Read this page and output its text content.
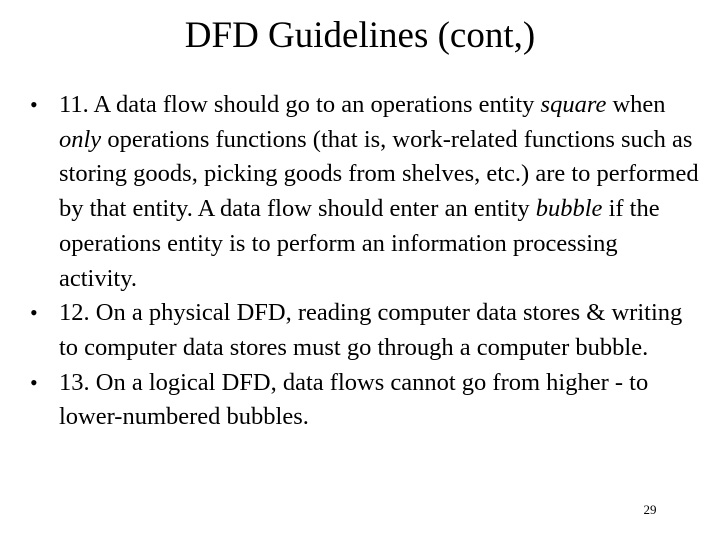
DFD Guidelines (cont,)
• 11. A data flow should go to an operations entity square when only operations functions (that is, work-related functions such as storing goods, picking goods from shelves, etc.) are to performed by that entity. A data flow should enter an entity bubble if the operations entity is to perform an information processing activity.
• 12. On a physical DFD, reading computer data stores & writing to computer data stores must go through a computer bubble.
• 13. On a logical DFD, data flows cannot go from higher - to lower-numbered bubbles.
29
